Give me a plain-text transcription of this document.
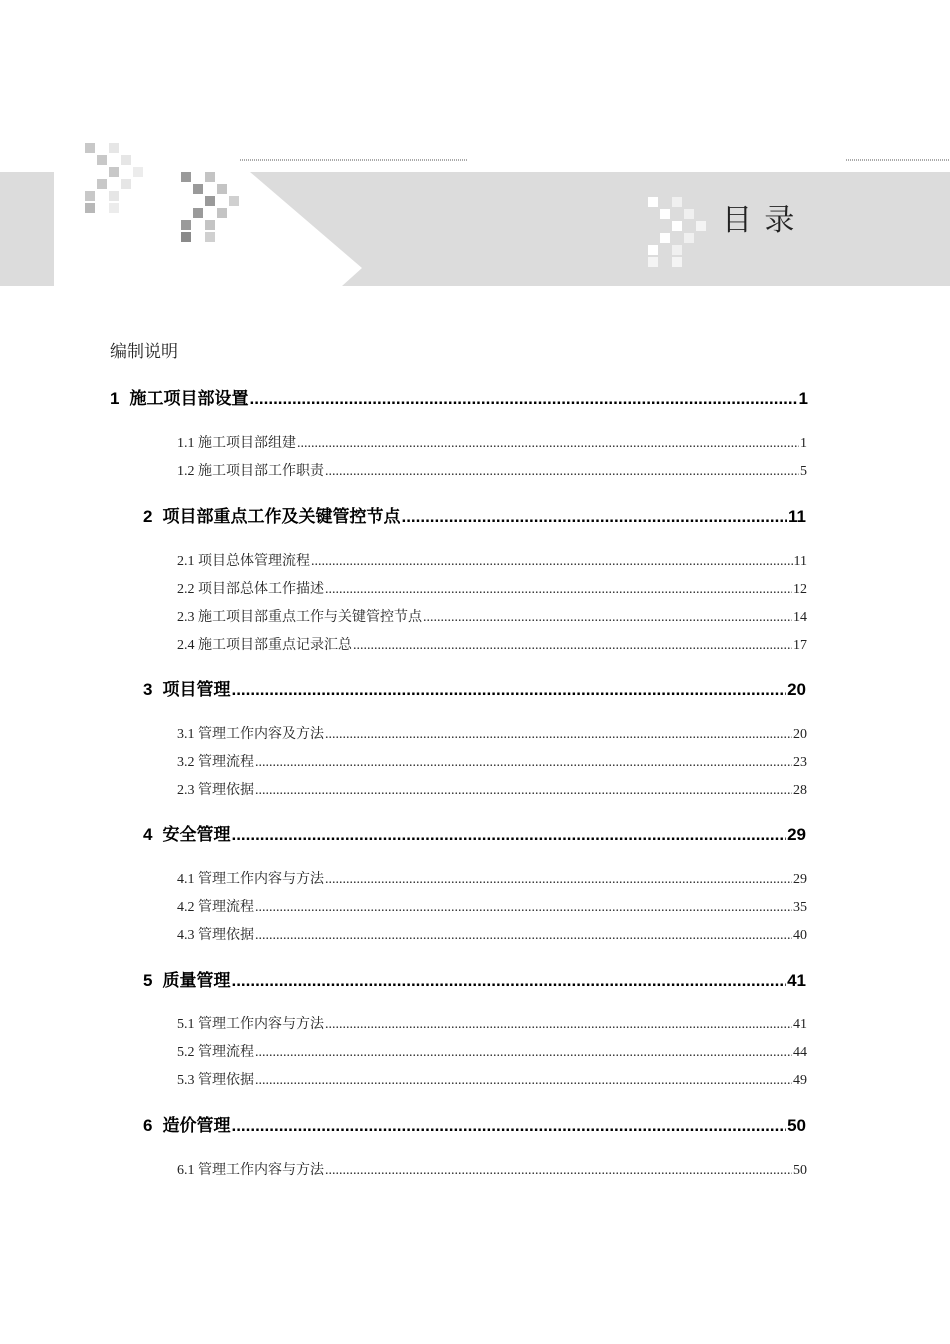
目 录
编制说明
1 施工项目部设置 .....	1
1.1 施工项目部组建 .....	1
1.2 施工项目部工作职责 .....	5
2 项目部重点工作及关键管控节点 .....	11
2.1 项目总体管理流程 .....	11
2.2 项目部总体工作描述 .....	12
2.3 施工项目部重点工作与关键管控节点 .....	14
2.4 施工项目部重点记录汇总 .....	17
3 项目管理 .....	20
3.1 管理工作内容及方法 .....	20
3.2 管理流程 .....	23
2.3 管理依据 .....	28
4 安全管理 .....	29
4.1 管理工作内容与方法 .....	29
4.2 管理流程 .....	35
4.3 管理依据 .....	40
5 质量管理 .....	41
5.1 管理工作内容与方法 .....	41
5.2 管理流程 .....	44
5.3 管理依据 .....	49
6 造价管理 .....	50
6.1 管理工作内容与方法 .....	50
